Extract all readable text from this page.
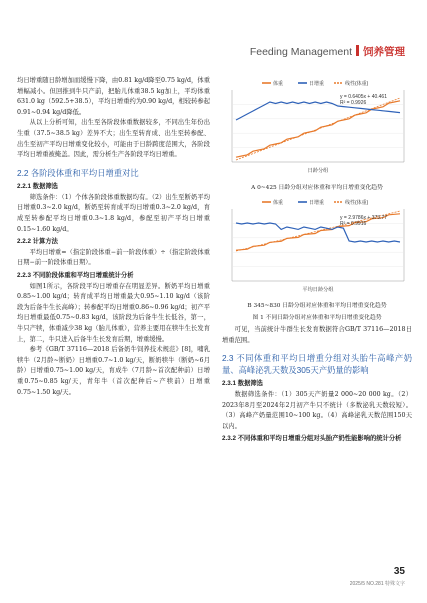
Feeding Management 饲养管理

均日增重随日龄增加而缓慢下降，由0.81 kg/d降至0.75 kg/d，体重增幅减小。但回推到牛只产前，把胎儿体重38.5 kg加上，平均体重631.0 kg（592.5+38.5），平均日增重约为0.90 kg/d，相较转参起0.91~0.94 kg/d降低。

从以上分析可知，出生至各阶段体重数据较多，不同出生年份出生重（37.5~38.5 kg）差异不大；出生至转育成、出生至转参配、出生至初产平均日增重变化较小，可能由于日龄跨度范围大，各阶段平均日增重被掩盖。因此，需分析生产各阶段平均日增重。

2.2 各阶段体重和平均日增重对比

2.2.1 数据筛选

筛选条件：（1）个体各阶段体重数据均有。（2）出生至断奶平均日增重0.3~2.0 kg/d，断奶至转育成平均日增重0.3~2.0 kg/d，育成至转参配平均日增重0.3~1.8 kg/d，参配至初产平均日增重0.15~1.60 kg/d。

2.2.2 计算方法

平均日增重=（指定阶段体重−前一阶段体重）÷（指定阶段体重日期−前一阶段体重日期）。

2.2.3 不同阶段体重和平均日增重统计分析

如图1所示，各阶段平均日增重存在明显差异。断奶平均日增重0.85~1.00 kg/d；转育成平均日增重最大0.95~1.10 kg/d（该阶段为后备牛生长高峰）；转参配平均日增重0.86~0.96 kg/d；初产平均日增重最低0.75~0.83 kg/d，该阶段为后备牛生长低谷，第一，牛只产犊，体重减少38 kg（胎儿体重），营养主要用在犊牛生长发育上，第二，牛只进入后备牛生长发育后期，增重缓慢。

参考《GB/T 37116—2018 后备奶牛饲养技术规范》[8]，哺乳犊牛（2月龄~断奶）日增重0.7~1.0 kg/天，断奶犊牛（断奶~6月龄）日增重0.75~1.00 kg/天，育成牛（7月龄~首次配种前）日增重0.75~0.85 kg/天，青年牛（首次配种后~产犊前）日增重0.75~1.50 kg/天。

体重	日增重	线性(体重)
y = 0.6405x + 40.461
R² = 0.9926
日龄分组
A 0~425 日龄分组对应体重和平均日增重变化趋势
体重	日增重	线性(体重)
y = 2.9786x + 373.77
R² = 0.9916
平均日龄分组
B 345~830 日龄分组对应体重和平均日增重变化趋势
图 1 不同日龄分组对应体重和平均日增重变化趋势

可见，当前统计牛群生长发育数据符合GB/T 37116—2018日增重范围。

2.3 不同体重和平均日增重分组对头胎牛高峰产奶量、高峰泌乳天数及305天产奶量的影响

2.3.1 数据筛选

数据筛选条件：（1）305天产奶量2 000~20 000 kg。（2）2023年8月至2024年2月初产牛只不统计（多数泌乳天数较短）。（3）高峰产奶量范围10~100 kg。（4）高峰泌乳天数范围150天以内。

2.3.2 不同体重和平均日增重分组对头胎产奶性能影响的统计分析

35
2025/5 NO.281 特殊文字
